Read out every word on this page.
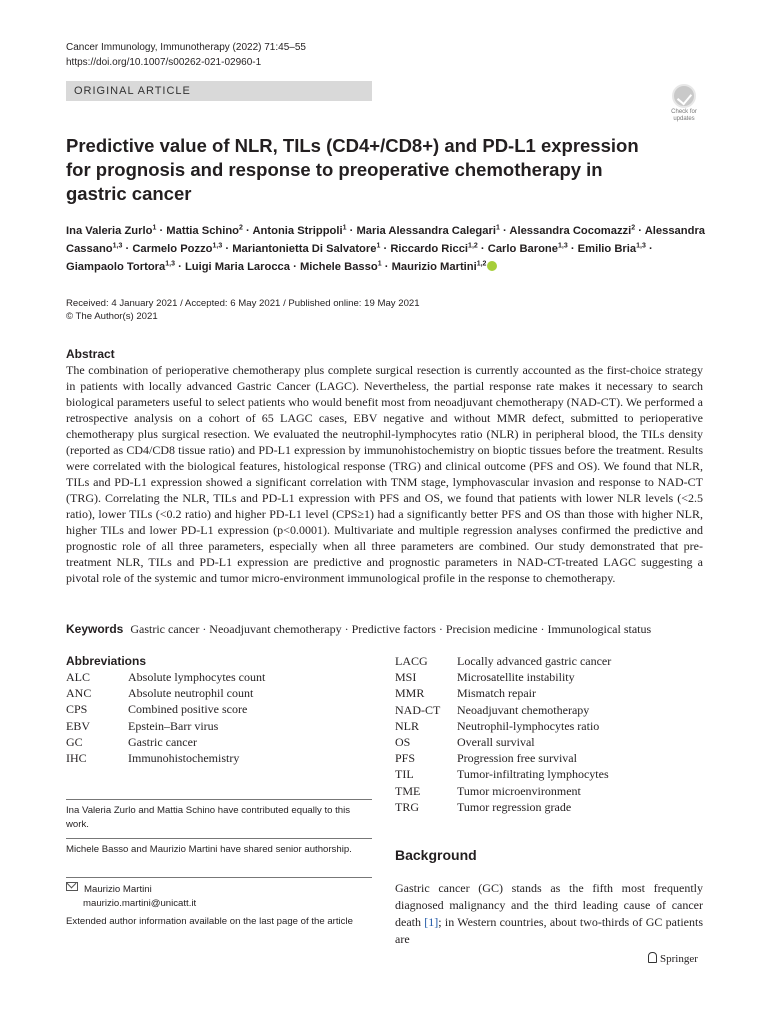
Cancer Immunology, Immunotherapy (2022) 71:45–55
https://doi.org/10.1007/s00262-021-02960-1
ORIGINAL ARTICLE
Check for
updates
Predictive value of NLR, TILs (CD4+/CD8+) and PD-L1 expression for prognosis and response to preoperative chemotherapy in gastric cancer
Ina Valeria Zurlo$^1$ · Mattia Schino$^2$ · Antonia Strippoli$^1$ · Maria Alessandra Calegari$^1$ · Alessandra Cocomazzi$^2$ · Alessandra Cassano$^{1,3}$ · Carmelo Pozzo$^{1,3}$ · Mariantonietta Di Salvatore$^1$ · Riccardo Ricci$^{1,2}$ · Carlo Barone$^{1,3}$ · Emilio Bria$^{1,3}$ · Giampaolo Tortora$^{1,3}$ · Luigi Maria Larocca · Michele Basso$^1$ · Maurizio Martini$^{1,2}$
Received: 4 January 2021 / Accepted: 6 May 2021 / Published online: 19 May 2021
© The Author(s) 2021
Abstract

The combination of perioperative chemotherapy plus complete surgical resection is currently accounted as the first-choice strategy in patients with locally advanced Gastric Cancer (LAGC). Nevertheless, the partial response rate makes it necessary to search biological parameters useful to select patients who would benefit most from neoadjuvant chemotherapy (NAD-CT). We performed a retrospective analysis on a cohort of 65 LAGC cases, EBV negative and without MMR defect, submitted to perioperative chemotherapy plus surgical resection. We evaluated the neutrophil-lymphocytes ratio (NLR) in peripheral blood, the TILs density (reported as CD4/CD8 tissue ratio) and PD-L1 expression by immunohistochemistry on bioptic tissues before the treatment. Results were correlated with the biological features, histological response (TRG) and clinical outcome (PFS and OS). We found that NLR, TILs and PD-L1 expression showed a significant correlation with TNM stage, lymphovascular invasion and response to NAD-CT (TRG). Correlating the NLR, TILs and PD-L1 expression with PFS and OS, we found that patients with lower NLR levels (<2.5 ratio), lower TILs (<0.2 ratio) and higher PD-L1 level (CPS≥1) had a significantly better PFS and OS than those with higher NLR, higher TILs and lower PD-L1 expression (p<0.0001). Multivariate and multiple regression analyses confirmed the predictive and prognostic role of all three parameters, especially when all three parameters are combined. Our study demonstrated that pre-treatment NLR, TILs and PD-L1 expression are predictive and prognostic parameters in NAD-CT-treated LAGC suggesting a pivotal role of the systemic and tumor micro-environment immunological profile in the response to chemotherapy.

Keywords Gastric cancer · Neoadjuvant chemotherapy · Predictive factors · Precision medicine · Immunological status
Abbreviations
ALC	Absolute lymphocytes count
ANC	Absolute neutrophil count
CPS	Combined positive score
EBV	Epstein–Barr virus
GC	Gastric cancer
IHC	Immunohistochemistry
LACG Locally advanced gastric cancer
MSI	Microsatellite instability
MMR	Mismatch repair
NAD-CT Neoadjuvant chemotherapy
NLR	Neutrophil-lymphocytes ratio
OS	Overall survival
PFS	Progression free survival
TIL	Tumor-infiltrating lymphocytes
TME	Tumor microenvironment
TRG	Tumor regression grade
Ina Valeria Zurlo and Mattia Schino have contributed equally to this work.
Michele Basso and Maurizio Martini have shared senior authorship.
Maurizio Martini
maurizio.martini@unicatt.it
Extended author information available on the last page of the article
Background

Gastric cancer (GC) stands as the fifth most frequently diagnosed malignancy and the third leading cause of cancer death [1]; in Western countries, about two-thirds of GC patients are

Springer
